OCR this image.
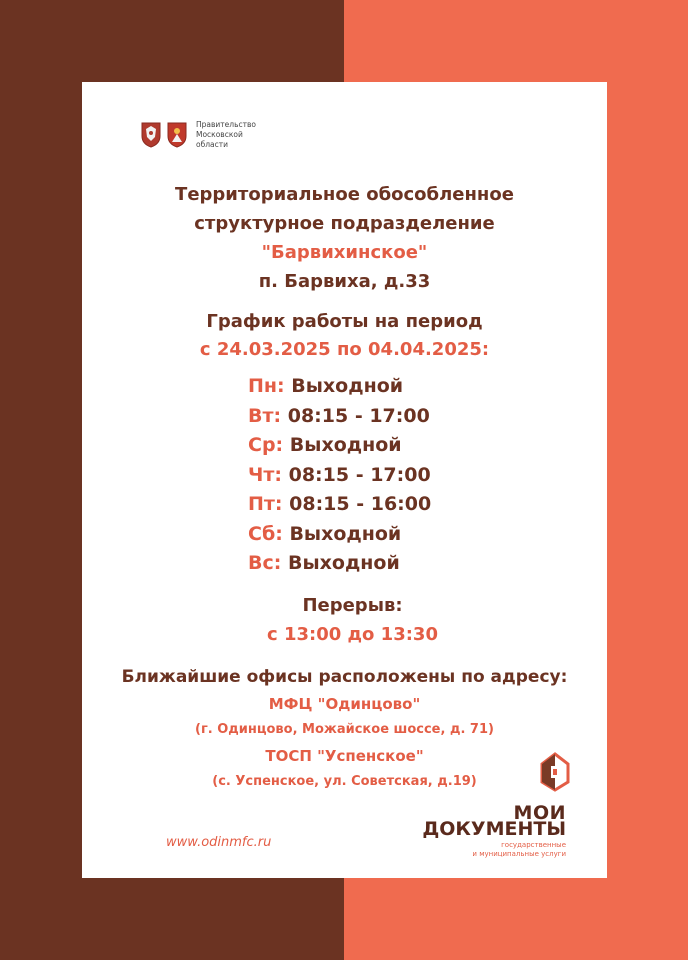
Правительство
Московской
области
Территориальное обособленное
структурное подразделение
"Барвихинское"
п. Барвиха, д.33
График работы на период
с 24.03.2025 по 04.04.2025:
Пн: Выходной
Вт: 08:15 - 17:00
Ср: Выходной
Чт: 08:15 - 17:00
Пт: 08:15 - 16:00
Сб: Выходной
Вс: Выходной
Перерыв:
с 13:00 до 13:30
Ближайшие офисы расположены по адресу:
МФЦ "Одинцово"
(г. Одинцово, Можайское шоссе, д. 71)
ТОСП "Успенское"
(с. Успенское, ул. Советская, д.19)
www.odinmfc.ru
МОИ
ДОКУМЕНТЫ
государственные
и муниципальные услуги
